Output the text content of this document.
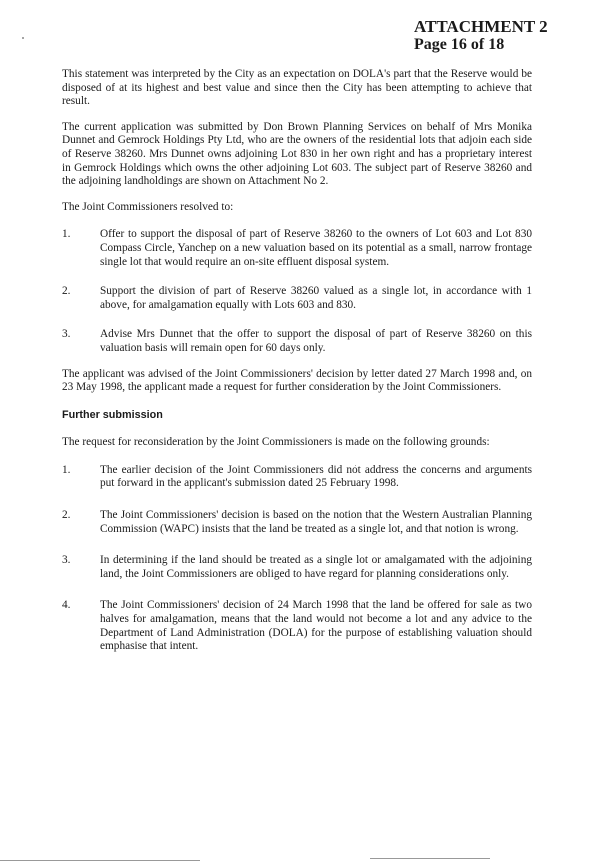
ATTACHMENT 2
Page 16 of 18

This statement was interpreted by the City as an expectation on DOLA's part that the Reserve would be disposed of at its highest and best value and since then the City has been attempting to achieve that result.

The current application was submitted by Don Brown Planning Services on behalf of Mrs Monika Dunnet and Gemrock Holdings Pty Ltd, who are the owners of the residential lots that adjoin each side of Reserve 38260. Mrs Dunnet owns adjoining Lot 830 in her own right and has a proprietary interest in Gemrock Holdings which owns the other adjoining Lot 603. The subject part of Reserve 38260 and the adjoining landholdings are shown on Attachment No 2.

The Joint Commissioners resolved to:

1.	Offer to support the disposal of part of Reserve 38260 to the owners of Lot 603 and Lot 830 Compass Circle, Yanchep on a new valuation based on its potential as a small, narrow frontage single lot that would require an on-site effluent disposal system.
2.	Support the division of part of Reserve 38260 valued as a single lot, in accordance with 1 above, for amalgamation equally with Lots 603 and 830.
3.	Advise Mrs Dunnet that the offer to support the disposal of part of Reserve 38260 on this valuation basis will remain open for 60 days only.

The applicant was advised of the Joint Commissioners' decision by letter dated 27 March 1998 and, on 23 May 1998, the applicant made a request for further consideration by the Joint Commissioners.

Further submission

The request for reconsideration by the Joint Commissioners is made on the following grounds:

1.	The earlier decision of the Joint Commissioners did not address the concerns and arguments put forward in the applicant's submission dated 25 February 1998.
2.	The Joint Commissioners' decision is based on the notion that the Western Australian Planning Commission (WAPC) insists that the land be treated as a single lot, and that notion is wrong.
3.	In determining if the land should be treated as a single lot or amalgamated with the adjoining land, the Joint Commissioners are obliged to have regard for planning considerations only.
4.	The Joint Commissioners' decision of 24 March 1998 that the land be offered for sale as two halves for amalgamation, means that the land would not become a lot and any advice to the Department of Land Administration (DOLA) for the purpose of establishing valuation should emphasise that intent.
